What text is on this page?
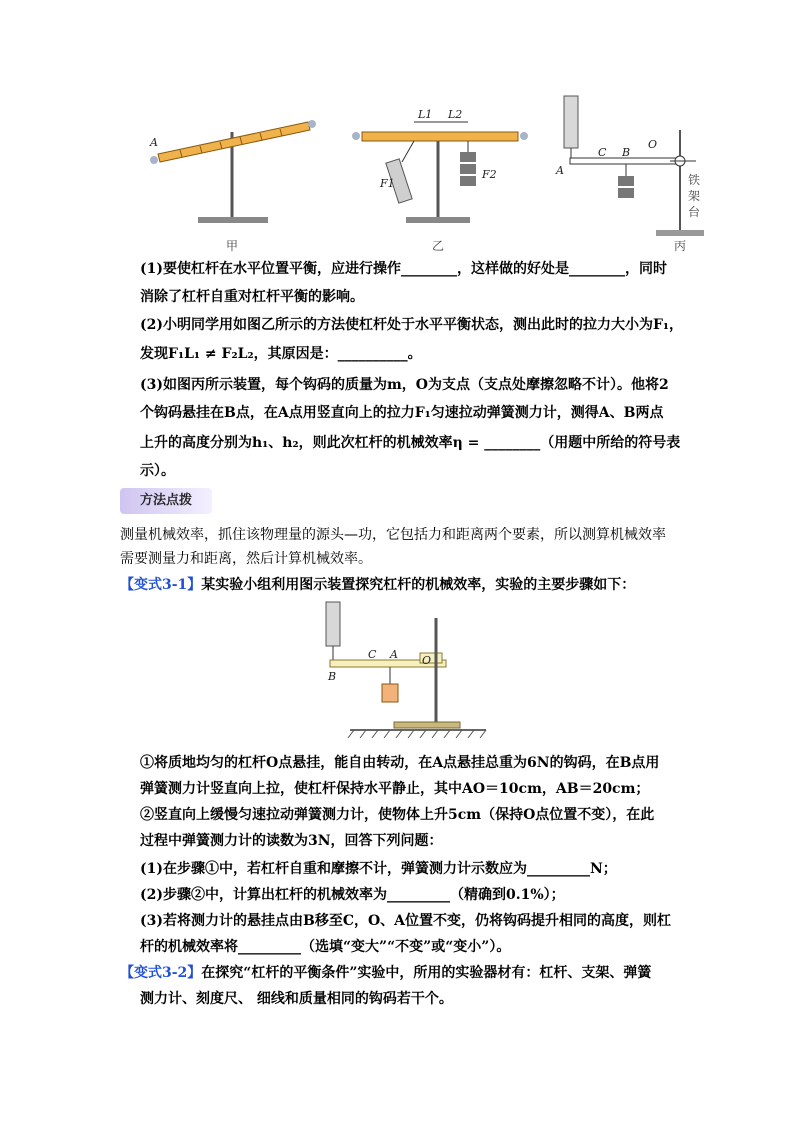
A
甲
L1 L2
F1
F2
乙
A
C B
O
铁
架
台
丙
(1)要使杠杆在水平位置平衡，应进行操作________，这样做的好处是________，同时
消除了杠杆自重对杠杆平衡的影响。
(2)小明同学用如图乙所示的方法使杠杆处于水平平衡状态，测出此时的拉力大小为F₁，
发现F₁L₁ ≠ F₂L₂，其原因是：__________。
(3)如图丙所示装置，每个钩码的质量为m，O为支点（支点处摩擦忽略不计）。他将2
个钩码悬挂在B点，在A点用竖直向上的拉力F₁匀速拉动弹簧测力计，测得A、B两点
上升的高度分别为h₁、h₂，则此次杠杆的机械效率η = ________（用题中所给的符号表
示）。
方法点拨
测量机械效率，抓住该物理量的源头—功，它包括力和距离两个要素，所以测算机械效率
需要测量力和距离，然后计算机械效率。
【变式3-1】某实验小组利用图示装置探究杠杆的机械效率，实验的主要步骤如下：
C A O
B
①将质地均匀的杠杆O点悬挂，能自由转动，在A点悬挂总重为6N的钩码，在B点用
弹簧测力计竖直向上拉，使杠杆保持水平静止，其中AO＝10cm，AB＝20cm；
②竖直向上缓慢匀速拉动弹簧测力计，使物体上升5cm（保持O点位置不变），在此
过程中弹簧测力计的读数为3N，回答下列问题：
(1)在步骤①中，若杠杆自重和摩擦不计，弹簧测力计示数应为_________N；
(2)步骤②中，计算出杠杆的机械效率为_________（精确到0.1%）；
(3)若将测力计的悬挂点由B移至C，O、A位置不变，仍将钩码提升相同的高度，则杠
杆的机械效率将_________（选填“变大”“不变”或“变小”）。
【变式3-2】在探究“杠杆的平衡条件”实验中，所用的实验器材有：杠杆、支架、弹簧
测力计、刻度尺、 细线和质量相同的钩码若干个。
